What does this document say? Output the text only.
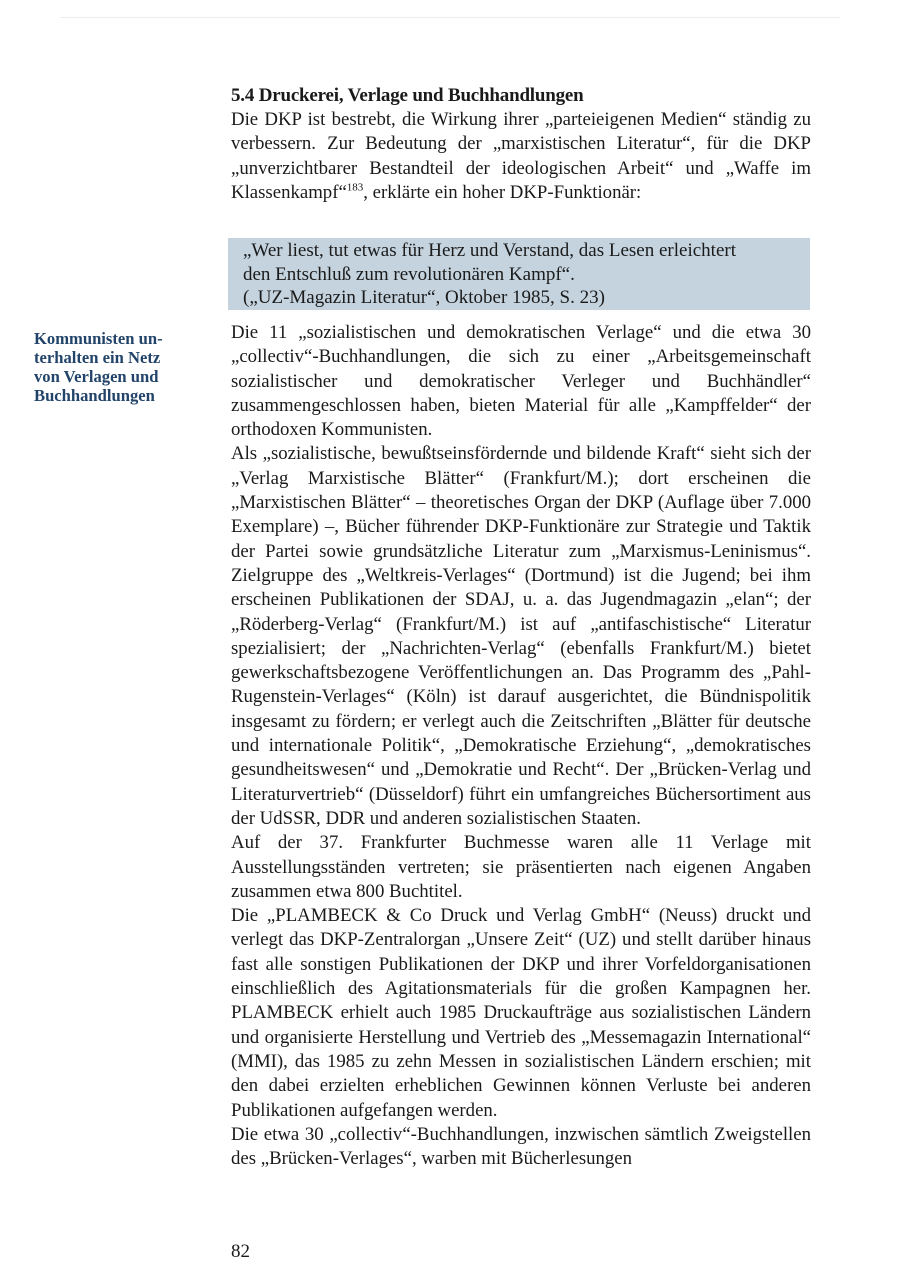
5.4 Druckerei, Verlage und Buchhandlungen

Die DKP ist bestrebt, die Wirkung ihrer „parteieigenen Medien“ ständig zu verbessern. Zur Bedeutung der „marxistischen Literatur“, für die DKP „unverzichtbarer Bestandteil der ideologischen Arbeit“ und „Waffe im Klassenkampf“$^{183}$, erklärte ein hoher DKP-Funktionär:

„Wer liest, tut etwas für Herz und Verstand, das Lesen erleichtert
den Entschluß zum revolutionären Kampf“.
(„UZ-Magazin Literatur“, Oktober 1985, S. 23)
Kommunisten un-
terhalten ein Netz
von Verlagen und
Buchhandlungen

Die 11 „sozialistischen und demokratischen Verlage“ und die etwa 30 „collectiv“-Buchhandlungen, die sich zu einer „Arbeitsgemeinschaft sozialistischer und demokratischer Verleger und Buchhändler“ zusammengeschlossen haben, bieten Material für alle „Kampffelder“ der orthodoxen Kommunisten.

Als „sozialistische, bewußtseinsfördernde und bildende Kraft“ sieht sich der „Verlag Marxistische Blätter“ (Frankfurt/M.); dort erscheinen die „Marxistischen Blätter“ – theoretisches Organ der DKP (Auflage über 7.000 Exemplare) –, Bücher führender DKP-Funktionäre zur Strategie und Taktik der Partei sowie grundsätzliche Literatur zum „Marxismus-Leninismus“. Zielgruppe des „Weltkreis-Verlages“ (Dortmund) ist die Jugend; bei ihm erscheinen Publikationen der SDAJ, u. a. das Jugendmagazin „elan“; der „Röderberg-Verlag“ (Frankfurt/M.) ist auf „antifaschistische“ Literatur spezialisiert; der „Nachrichten-Verlag“ (ebenfalls Frankfurt/M.) bietet gewerkschaftsbezogene Veröffentlichungen an. Das Programm des „Pahl-Rugenstein-Verlages“ (Köln) ist darauf ausgerichtet, die Bündnispolitik insgesamt zu fördern; er verlegt auch die Zeitschriften „Blätter für deutsche und internationale Politik“, „Demokratische Erziehung“, „demokratisches gesundheitswesen“ und „Demokratie und Recht“. Der „Brücken-Verlag und Literaturvertrieb“ (Düsseldorf) führt ein umfangreiches Büchersortiment aus der UdSSR, DDR und anderen sozialistischen Staaten.

Auf der 37. Frankfurter Buchmesse waren alle 11 Verlage mit Ausstellungsständen vertreten; sie präsentierten nach eigenen Angaben zusammen etwa 800 Buchtitel.

Die „PLAMBECK & Co Druck und Verlag GmbH“ (Neuss) druckt und verlegt das DKP-Zentralorgan „Unsere Zeit“ (UZ) und stellt darüber hinaus fast alle sonstigen Publikationen der DKP und ihrer Vorfeldorganisationen einschließlich des Agitationsmaterials für die großen Kampagnen her. PLAMBECK erhielt auch 1985 Druckaufträge aus sozialistischen Ländern und organisierte Herstellung und Vertrieb des „Messemagazin International“ (MMI), das 1985 zu zehn Messen in sozialistischen Ländern erschien; mit den dabei erzielten erheblichen Gewinnen können Verluste bei anderen Publikationen aufgefangen werden.

Die etwa 30 „collectiv“-Buchhandlungen, inzwischen sämtlich Zweigstellen des „Brücken-Verlages“, warben mit Bücherlesungen

82
